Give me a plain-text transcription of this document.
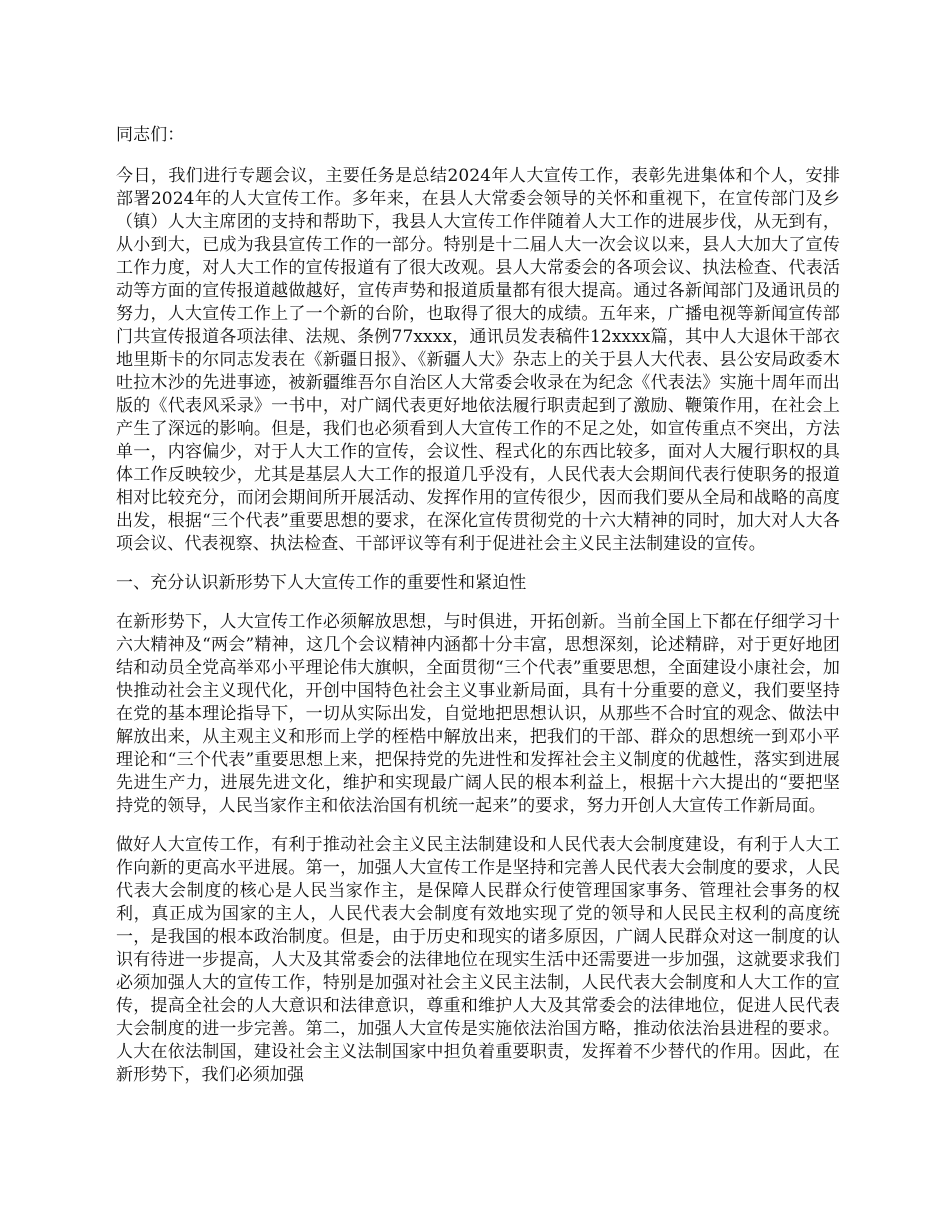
同志们：

今日，我们进行专题会议，主要任务是总结2024年人大宣传工作，表彰先进集体和个人，安排部署2024年的人大宣传工作。多年来，在县人大常委会领导的关怀和重视下，在宣传部门及乡（镇）人大主席团的支持和帮助下，我县人大宣传工作伴随着人大工作的进展步伐，从无到有，从小到大，已成为我县宣传工作的一部分。特别是十二届人大一次会议以来，县人大加大了宣传工作力度，对人大工作的宣传报道有了很大改观。县人大常委会的各项会议、执法检查、代表活动等方面的宣传报道越做越好，宣传声势和报道质量都有很大提高。通过各新闻部门及通讯员的努力，人大宣传工作上了一个新的台阶，也取得了很大的成绩。五年来，广播电视等新闻宣传部门共宣传报道各项法律、法规、条例77xxxx，通讯员发表稿件12xxxx篇，其中人大退休干部衣地里斯卡的尔同志发表在《新疆日报》、《新疆人大》杂志上的关于县人大代表、县公安局政委木吐拉木沙的先进事迹，被新疆维吾尔自治区人大常委会收录在为纪念《代表法》实施十周年而出版的《代表风采录》一书中，对广阔代表更好地依法履行职责起到了激励、鞭策作用，在社会上产生了深远的影响。但是，我们也必须看到人大宣传工作的不足之处，如宣传重点不突出，方法单一，内容偏少，对于人大工作的宣传，会议性、程式化的东西比较多，面对人大履行职权的具体工作反映较少，尤其是基层人大工作的报道几乎没有，人民代表大会期间代表行使职务的报道相对比较充分，而闭会期间所开展活动、发挥作用的宣传很少，因而我们要从全局和战略的高度出发，根据“三个代表”重要思想的要求，在深化宣传贯彻党的十六大精神的同时，加大对人大各项会议、代表视察、执法检查、干部评议等有利于促进社会主义民主法制建设的宣传。

一、充分认识新形势下人大宣传工作的重要性和紧迫性

在新形势下，人大宣传工作必须解放思想，与时俱进，开拓创新。当前全国上下都在仔细学习十六大精神及“两会”精神，这几个会议精神内涵都十分丰富，思想深刻，论述精辟，对于更好地团结和动员全党高举邓小平理论伟大旗帜，全面贯彻“三个代表”重要思想，全面建设小康社会，加快推动社会主义现代化，开创中国特色社会主义事业新局面，具有十分重要的意义，我们要坚持在党的基本理论指导下，一切从实际出发，自觉地把思想认识，从那些不合时宜的观念、做法中解放出来，从主观主义和形而上学的桎梏中解放出来，把我们的干部、群众的思想统一到邓小平理论和“三个代表”重要思想上来，把保持党的先进性和发挥社会主义制度的优越性，落实到进展先进生产力，进展先进文化，维护和实现最广阔人民的根本利益上，根据十六大提出的“要把坚持党的领导，人民当家作主和依法治国有机统一起来”的要求，努力开创人大宣传工作新局面。

做好人大宣传工作，有利于推动社会主义民主法制建设和人民代表大会制度建设，有利于人大工作向新的更高水平进展。第一，加强人大宣传工作是坚持和完善人民代表大会制度的要求，人民代表大会制度的核心是人民当家作主，是保障人民群众行使管理国家事务、管理社会事务的权利，真正成为国家的主人，人民代表大会制度有效地实现了党的领导和人民民主权利的高度统一，是我国的根本政治制度。但是，由于历史和现实的诸多原因，广阔人民群众对这一制度的认识有待进一步提高，人大及其常委会的法律地位在现实生活中还需要进一步加强，这就要求我们必须加强人大的宣传工作，特别是加强对社会主义民主法制，人民代表大会制度和人大工作的宣传，提高全社会的人大意识和法律意识，尊重和维护人大及其常委会的法律地位，促进人民代表大会制度的进一步完善。第二，加强人大宣传是实施依法治国方略，推动依法治县进程的要求。人大在依法制国，建设社会主义法制国家中担负着重要职责，发挥着不少替代的作用。因此，在新形势下，我们必须加强
